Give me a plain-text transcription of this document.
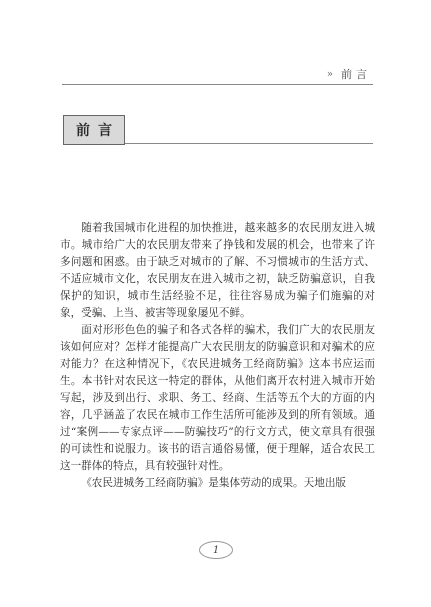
» 前言
前言

随着我国城市化进程的加快推进，越来越多的农民朋友进入城市。城市给广大的农民朋友带来了挣钱和发展的机会，也带来了许多问题和困惑。由于缺乏对城市的了解、不习惯城市的生活方式、不适应城市文化，农民朋友在进入城市之初，缺乏防骗意识，自我保护的知识，城市生活经验不足，往往容易成为骗子们施骗的对象，受骗、上当、被害等现象屡见不鲜。

面对形形色色的骗子和各式各样的骗术，我们广大的农民朋友该如何应对？怎样才能提高广大农民朋友的防骗意识和对骗术的应对能力？在这种情况下，《农民进城务工经商防骗》这本书应运而生。本书针对农民这一特定的群体，从他们离开农村进入城市开始写起，涉及到出行、求职、务工、经商、生活等五个大的方面的内容，几乎涵盖了农民在城市工作生活所可能涉及到的所有领域。通过“案例——专家点评——防骗技巧”的行文方式，使文章具有很强的可读性和说服力。该书的语言通俗易懂，便于理解，适合农民工这一群体的特点，具有较强针对性。

《农民进城务工经商防骗》是集体劳动的成果。天地出版

1
